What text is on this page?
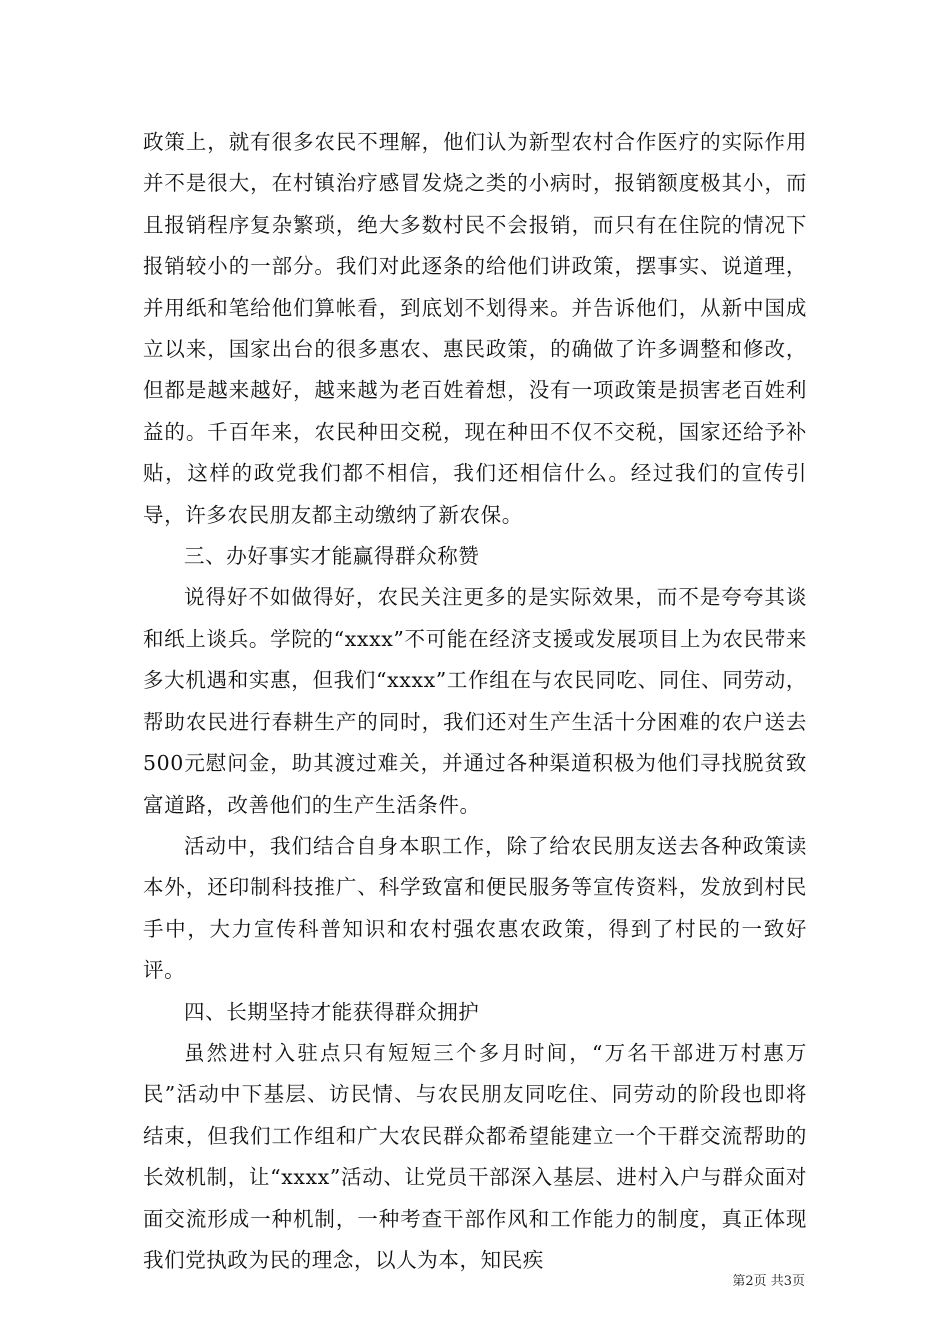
政策上，就有很多农民不理解，他们认为新型农村合作医疗的实际作用并不是很大，在村镇治疗感冒发烧之类的小病时，报销额度极其小，而且报销程序复杂繁琐，绝大多数村民不会报销，而只有在住院的情况下报销较小的一部分。我们对此逐条的给他们讲政策，摆事实、说道理，并用纸和笔给他们算帐看，到底划不划得来。并告诉他们，从新中国成立以来，国家出台的很多惠农、惠民政策，的确做了许多调整和修改，但都是越来越好，越来越为老百姓着想，没有一项政策是损害老百姓利益的。千百年来，农民种田交税，现在种田不仅不交税，国家还给予补贴，这样的政党我们都不相信，我们还相信什么。经过我们的宣传引导，许多农民朋友都主动缴纳了新农保。

三、办好事实才能赢得群众称赞

说得好不如做得好，农民关注更多的是实际效果，而不是夸夸其谈和纸上谈兵。学院的“xxxx”不可能在经济支援或发展项目上为农民带来多大机遇和实惠，但我们“xxxx”工作组在与农民同吃、同住、同劳动，帮助农民进行春耕生产的同时，我们还对生产生活十分困难的农户送去500元慰问金，助其渡过难关，并通过各种渠道积极为他们寻找脱贫致富道路，改善他们的生产生活条件。

活动中，我们结合自身本职工作，除了给农民朋友送去各种政策读本外，还印制科技推广、科学致富和便民服务等宣传资料，发放到村民手中，大力宣传科普知识和农村强农惠农政策，得到了村民的一致好评。

四、长期坚持才能获得群众拥护

虽然进村入驻点只有短短三个多月时间，“万名干部进万村惠万民”活动中下基层、访民情、与农民朋友同吃住、同劳动的阶段也即将结束，但我们工作组和广大农民群众都希望能建立一个干群交流帮助的长效机制，让“xxxx”活动、让党员干部深入基层、进村入户与群众面对面交流形成一种机制，一种考查干部作风和工作能力的制度，真正体现我们党执政为民的理念，以人为本，知民疾

第2页 共3页
